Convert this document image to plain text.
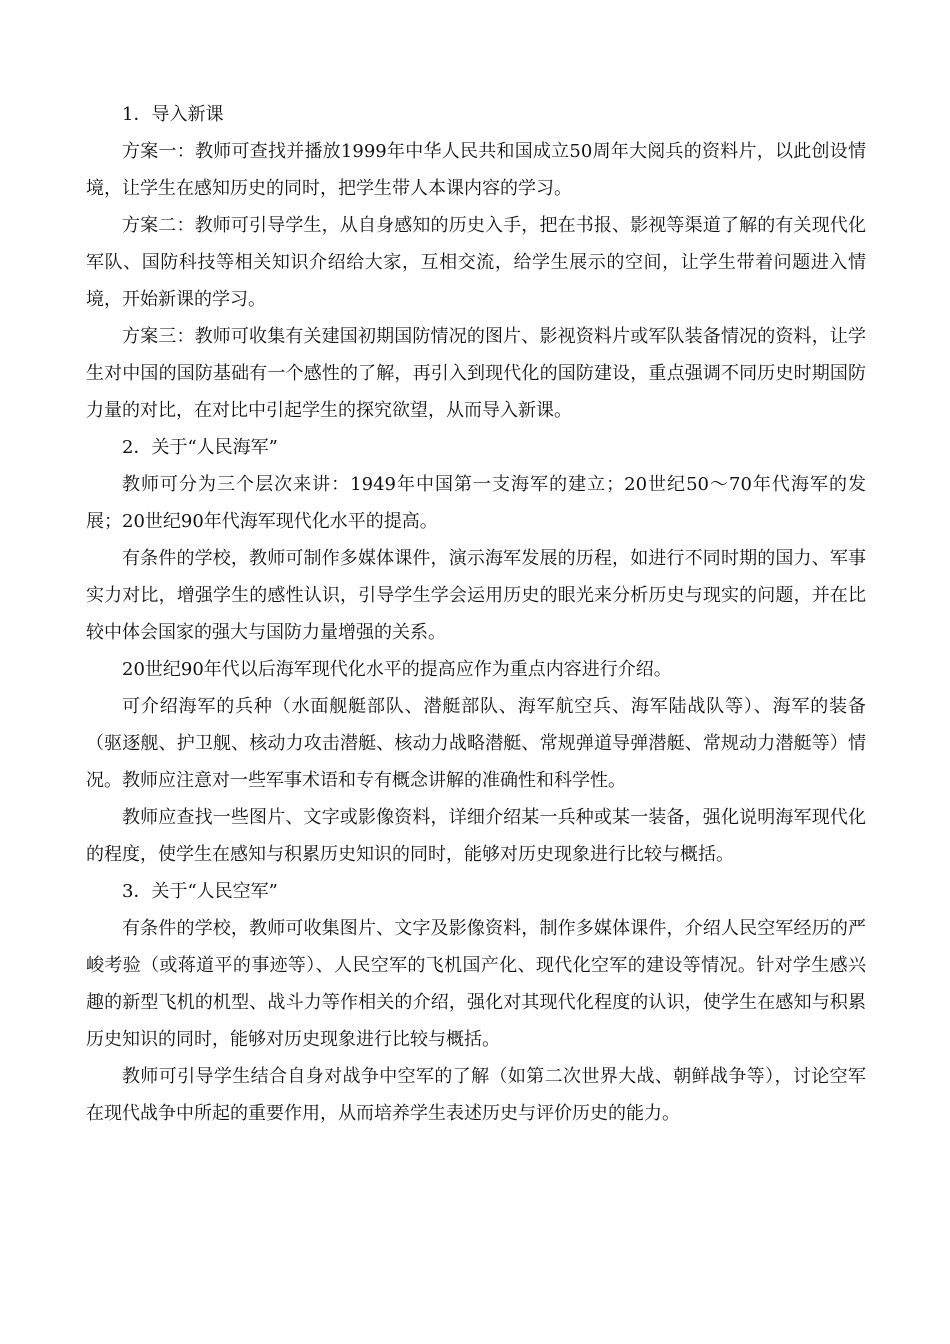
1．导入新课

方案一：教师可查找并播放1999年中华人民共和国成立50周年大阅兵的资料片，以此创设情境，让学生在感知历史的同时，把学生带人本课内容的学习。

方案二：教师可引导学生，从自身感知的历史入手，把在书报、影视等渠道了解的有关现代化军队、国防科技等相关知识介绍给大家，互相交流，给学生展示的空间，让学生带着问题进入情境，开始新课的学习。

方案三：教师可收集有关建国初期国防情况的图片、影视资料片或军队装备情况的资料，让学生对中国的国防基础有一个感性的了解，再引入到现代化的国防建设，重点强调不同历史时期国防力量的对比，在对比中引起学生的探究欲望，从而导入新课。

2．关于“人民海军”

教师可分为三个层次来讲：1949年中国第一支海军的建立；20世纪50～70年代海军的发展；20世纪90年代海军现代化水平的提高。

有条件的学校，教师可制作多媒体课件，演示海军发展的历程，如进行不同时期的国力、军事实力对比，增强学生的感性认识，引导学生学会运用历史的眼光来分析历史与现实的问题，并在比较中体会国家的强大与国防力量增强的关系。

20世纪90年代以后海军现代化水平的提高应作为重点内容进行介绍。

可介绍海军的兵种（水面舰艇部队、潜艇部队、海军航空兵、海军陆战队等）、海军的装备（驱逐舰、护卫舰、核动力攻击潜艇、核动力战略潜艇、常规弹道导弹潜艇、常规动力潜艇等）情况。教师应注意对一些军事术语和专有概念讲解的准确性和科学性。

教师应查找一些图片、文字或影像资料，详细介绍某一兵种或某一装备，强化说明海军现代化的程度，使学生在感知与积累历史知识的同时，能够对历史现象进行比较与概括。

3．关于“人民空军”

有条件的学校，教师可收集图片、文字及影像资料，制作多媒体课件，介绍人民空军经历的严峻考验（或蒋道平的事迹等）、人民空军的飞机国产化、现代化空军的建设等情况。针对学生感兴趣的新型飞机的机型、战斗力等作相关的介绍，强化对其现代化程度的认识，使学生在感知与积累历史知识的同时，能够对历史现象进行比较与概括。

教师可引导学生结合自身对战争中空军的了解（如第二次世界大战、朝鲜战争等），讨论空军在现代战争中所起的重要作用，从而培养学生表述历史与评价历史的能力。
